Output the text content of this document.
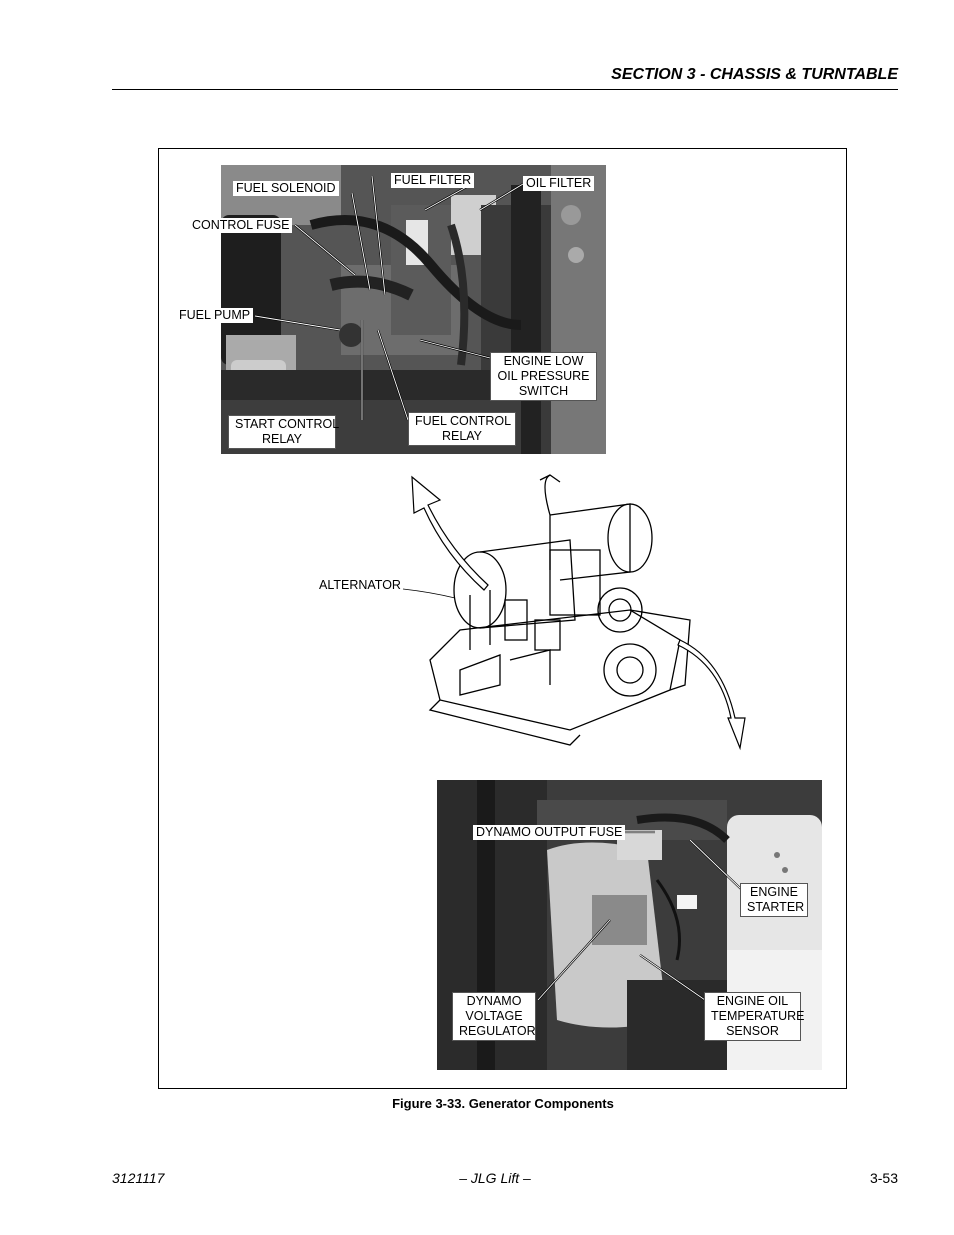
SECTION 3 - CHASSIS & TURNTABLE
FUEL SOLENOID
FUEL FILTER	OIL FILTER
CONTROL FUSE
FUEL PUMP
ENGINE LOW
OIL PRESSURE
SWITCH
START CONTROL
RELAY
FUEL CONTROL
RELAY
ALTERNATOR
DYNAMO OUTPUT FUSE
ENGINE
STARTER
DYNAMO
VOLTAGE
REGULATOR
ENGINE OIL
TEMPERATURE
SENSOR
Figure 3-33. Generator Components
3121117	– JLG Lift –	3-53
